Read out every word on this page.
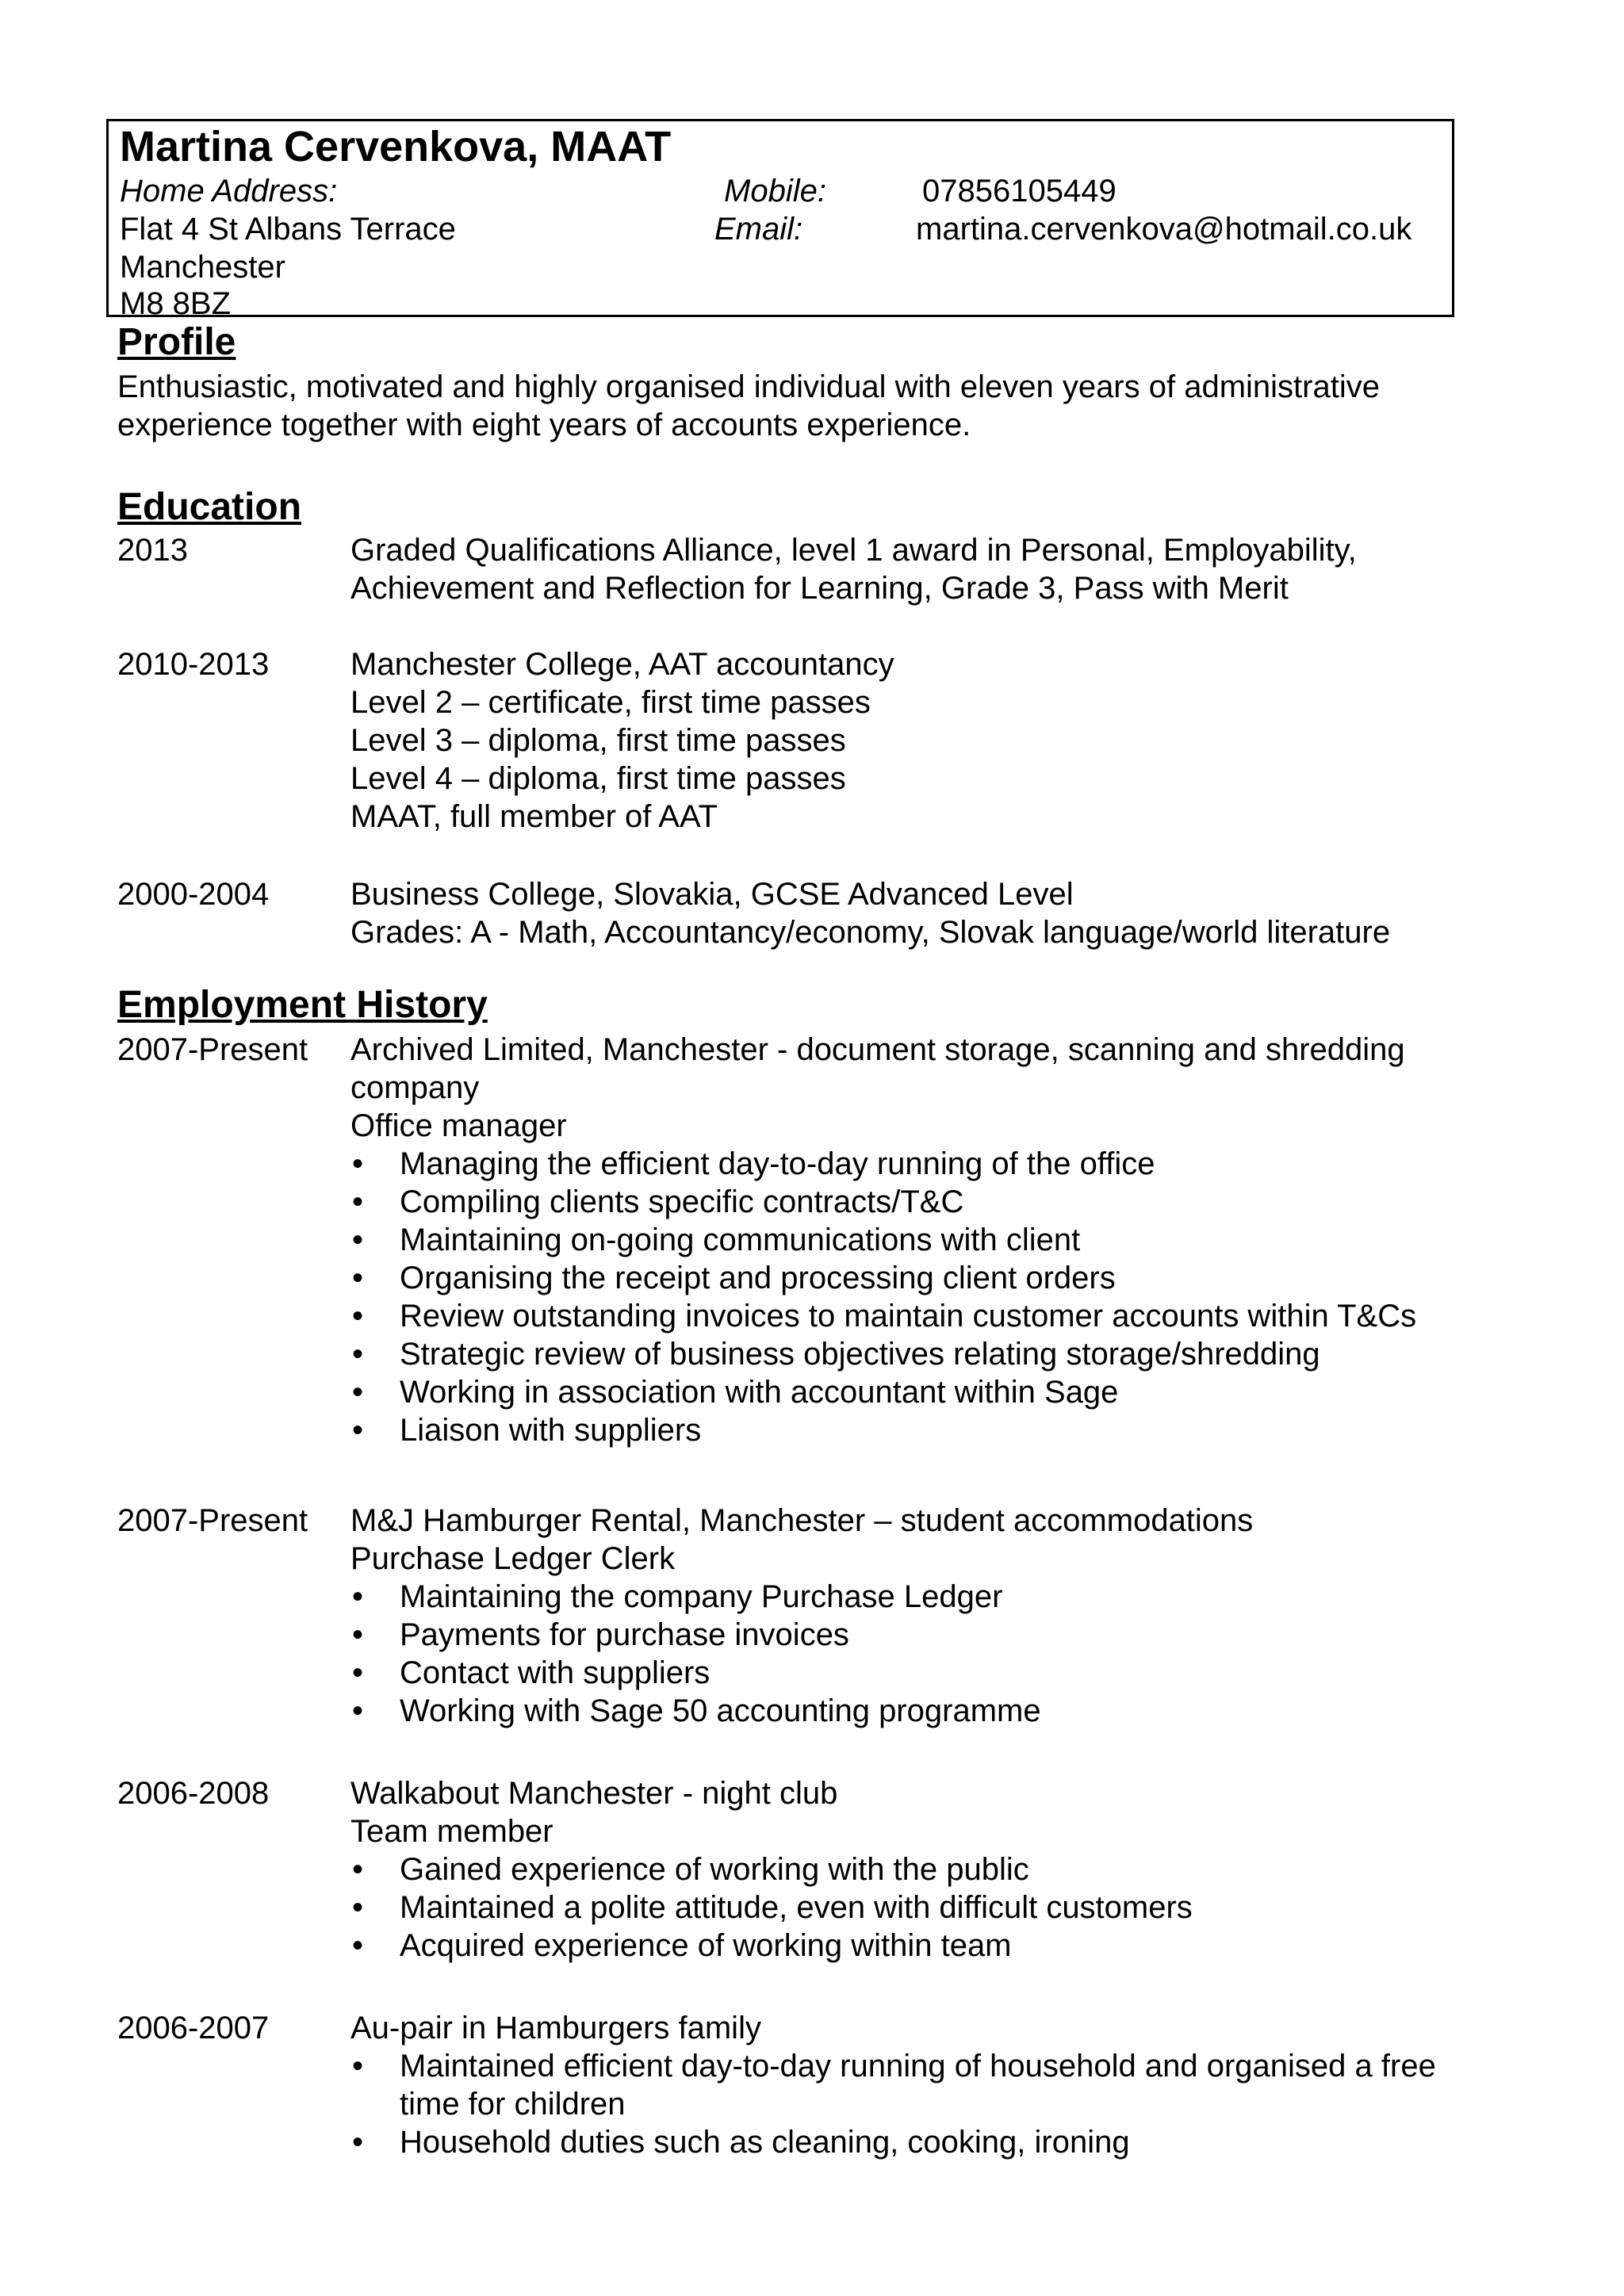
Martina Cervenkova, MAAT
Home Address:	Mobile:	07856105449
Flat 4 St Albans Terrace	Email:	martina.cervenkova@hotmail.co.uk
Manchester
M8 8BZ
Profile

Enthusiastic, motivated and highly organised individual with eleven years of administrative

experience together with eight years of accounts experience.

Education
2013	Graded Qualifications Alliance, level 1 award in Personal, Employability,
Achievement and Reflection for Learning, Grade 3, Pass with Merit
2010-2013	Manchester College, AAT accountancy
Level 2 – certificate, first time passes
Level 3 – diploma, first time passes
Level 4 – diploma, first time passes
MAAT, full member of AAT
2000-2004	Business College, Slovakia, GCSE Advanced Level
Grades: A - Math, Accountancy/economy, Slovak language/world literature
Employment History
2007-Present Archived Limited, Manchester - document storage, scanning and shredding
company
Office manager
• Managing the efficient day-to-day running of the office
• Compiling clients specific contracts/T&C
• Maintaining on-going communications with client
• Organising the receipt and processing client orders
• Review outstanding invoices to maintain customer accounts within T&Cs
• Strategic review of business objectives relating storage/shredding
• Working in association with accountant within Sage
• Liaison with suppliers
2007-Present M&J Hamburger Rental, Manchester – student accommodations
Purchase Ledger Clerk
• Maintaining the company Purchase Ledger
• Payments for purchase invoices
• Contact with suppliers
• Working with Sage 50 accounting programme
2006-2008	Walkabout Manchester - night club
Team member
• Gained experience of working with the public
• Maintained a polite attitude, even with difficult customers
• Acquired experience of working within team
2006-2007	Au-pair in Hamburgers family
• Maintained efficient day-to-day running of household and organised a free
time for children
• Household duties such as cleaning, cooking, ironing
